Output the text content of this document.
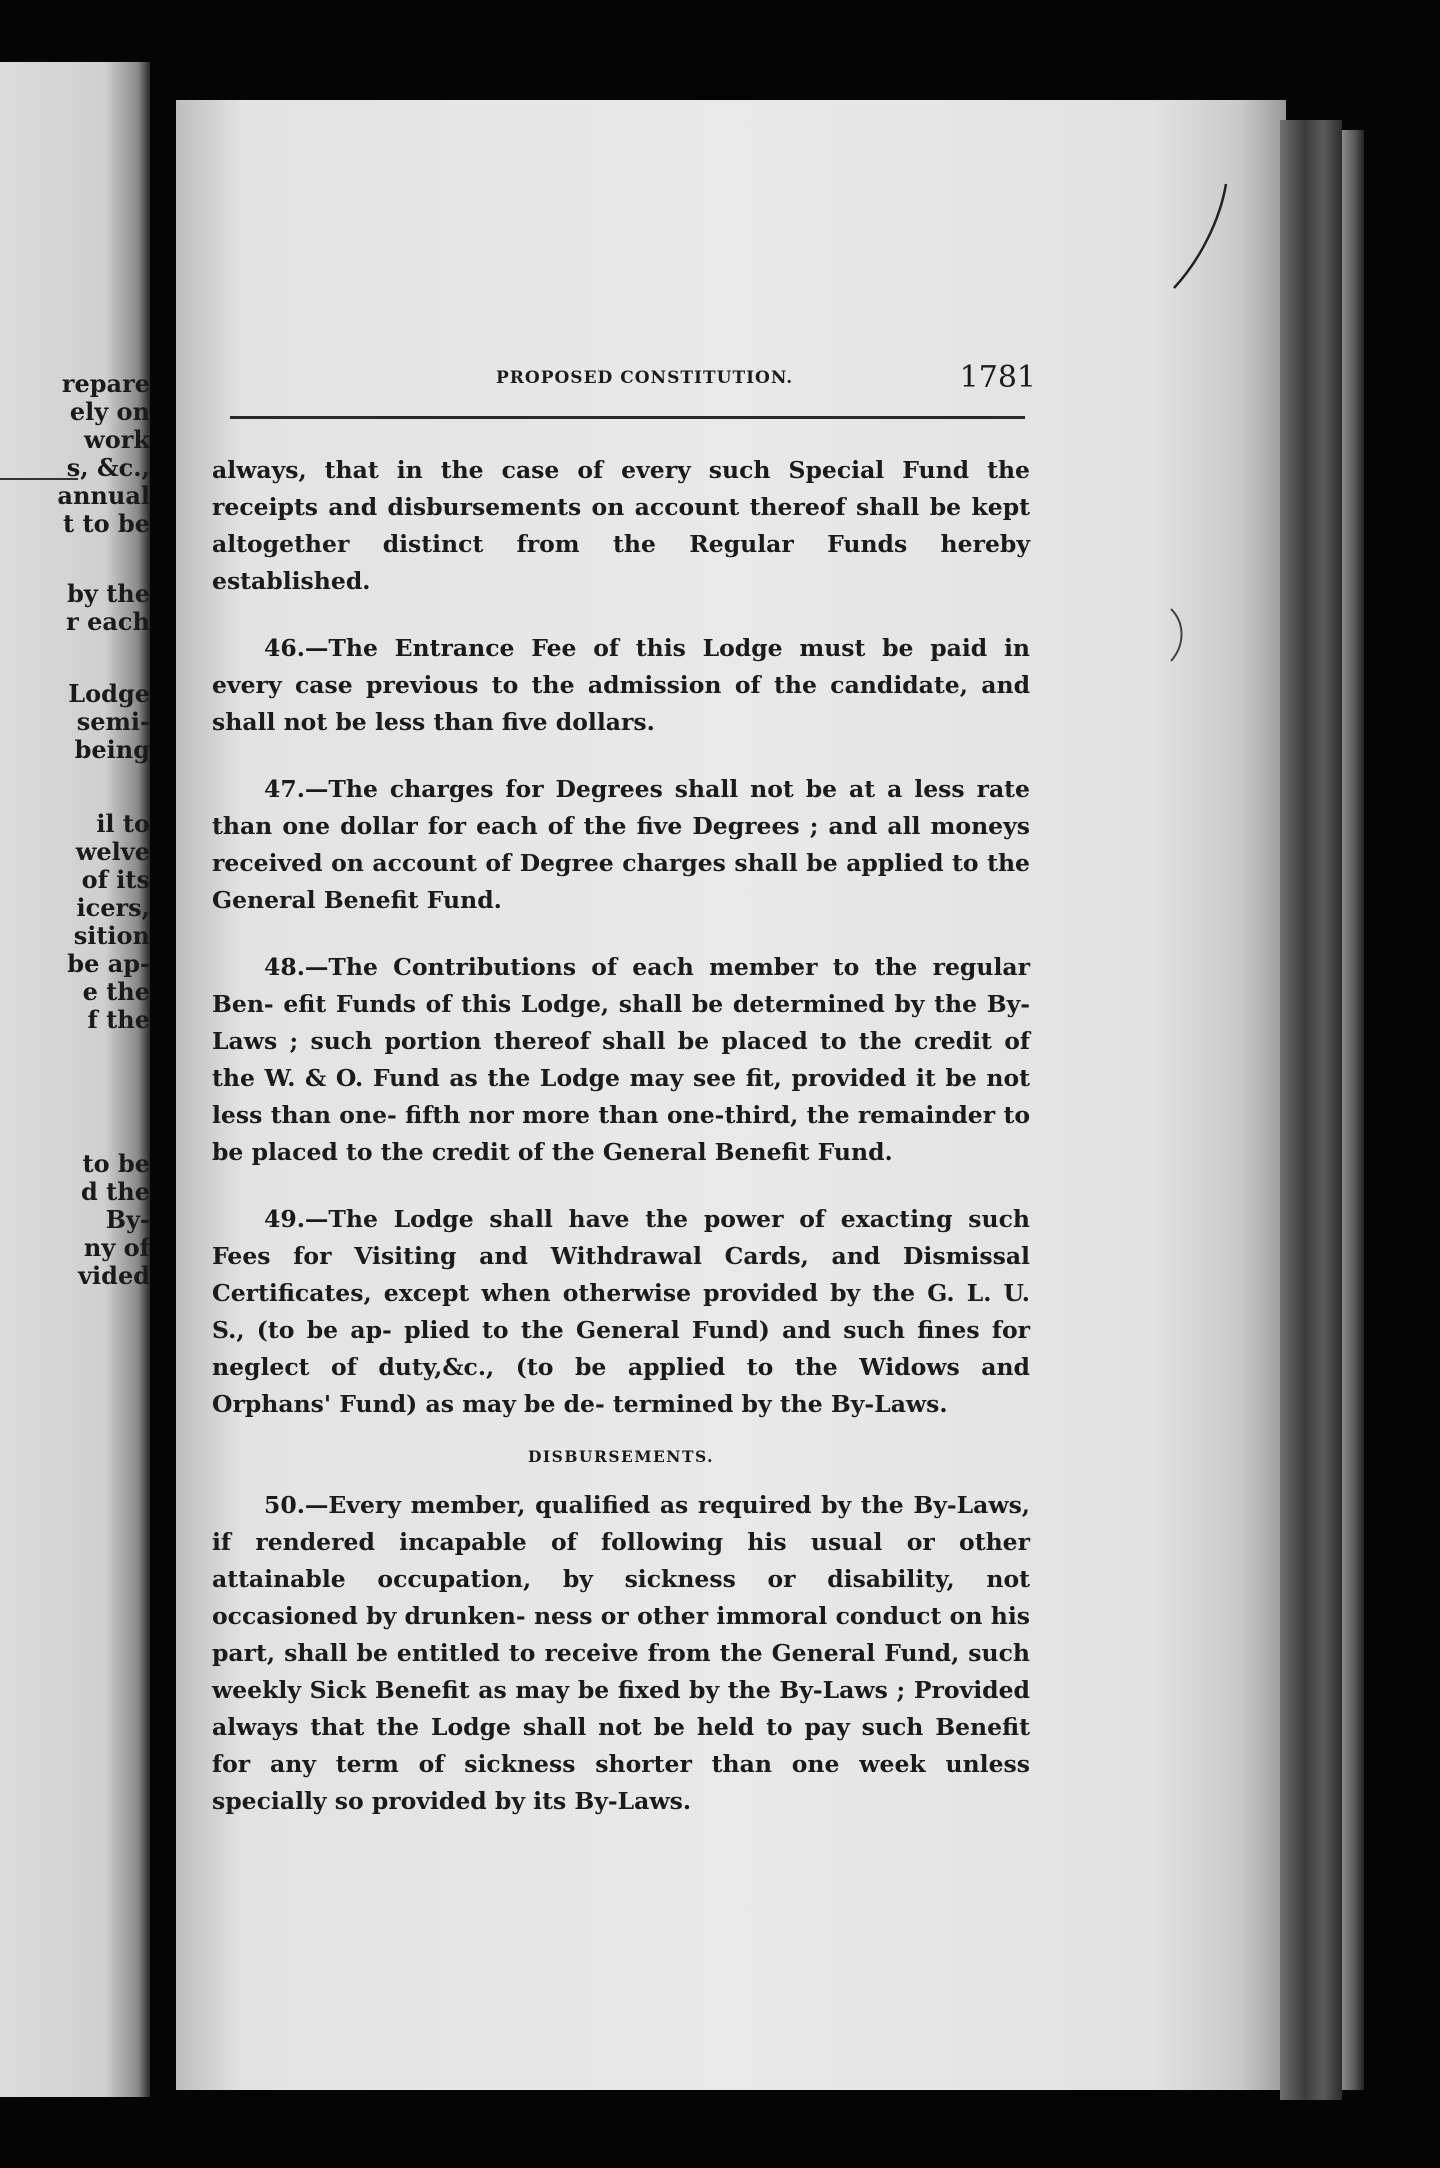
repare
ely on
work
s, &c.,
annual
t to be
by the
r each
Lodge
semi-
being
il to
welve
of its
icers,
sition
be ap-
e the
f the
to be
d the
By-
ny of
vided
PROPOSED CONSTITUTION.	1781

always, that in the case of every such Special Fund the receipts and disbursements on account thereof shall be kept altogether distinct from the Regular Funds hereby established.

46.—The Entrance Fee of this Lodge must be paid in every case previous to the admission of the candidate, and shall not be less than five dollars.

47.—The charges for Degrees shall not be at a less rate than one dollar for each of the five Degrees ; and all moneys received on account of Degree charges shall be applied to the General Benefit Fund.

48.—The Contributions of each member to the regular Ben- efit Funds of this Lodge, shall be determined by the By-Laws ; such portion thereof shall be placed to the credit of the W. & O. Fund as the Lodge may see fit, provided it be not less than one- fifth nor more than one-third, the remainder to be placed to the credit of the General Benefit Fund.

49.—The Lodge shall have the power of exacting such Fees for Visiting and Withdrawal Cards, and Dismissal Certificates, except when otherwise provided by the G. L. U. S., (to be ap- plied to the General Fund) and such fines for neglect of duty,&c., (to be applied to the Widows and Orphans' Fund) as may be de- termined by the By-Laws.

DISBURSEMENTS.

50.—Every member, qualified as required by the By-Laws, if rendered incapable of following his usual or other attainable occupation, by sickness or disability, not occasioned by drunken- ness or other immoral conduct on his part, shall be entitled to receive from the General Fund, such weekly Sick Benefit as may be fixed by the By-Laws ; Provided always that the Lodge shall not be held to pay such Benefit for any term of sickness shorter than one week unless specially so provided by its By-Laws.
